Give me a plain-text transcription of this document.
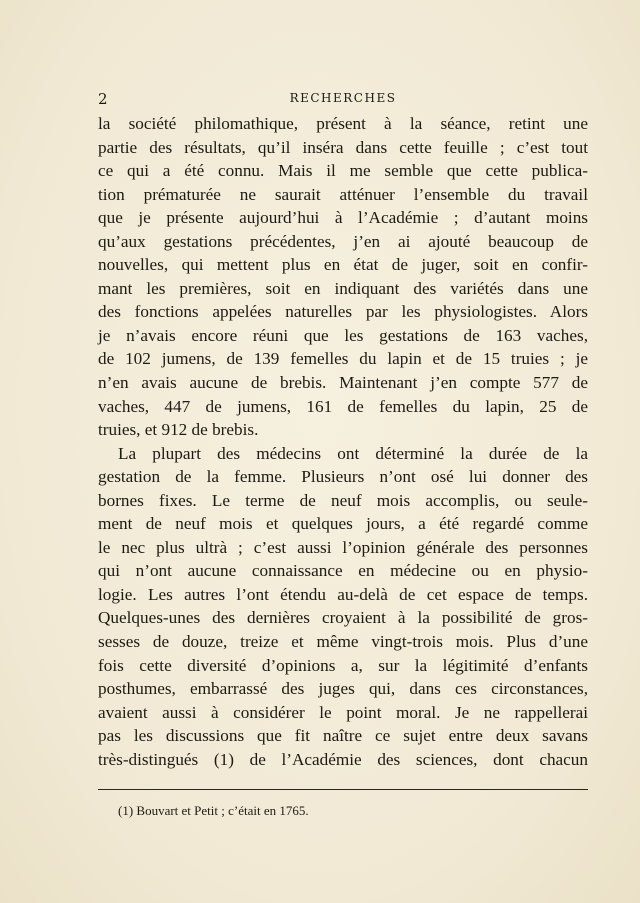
2	RECHERCHES
la société philomathique, présent à la séance, retint une
partie des résultats, qu’il inséra dans cette feuille ; c’est tout
ce qui a été connu. Mais il me semble que cette publica-
tion prématurée ne saurait atténuer l’ensemble du travail
que je présente aujourd’hui à l’Académie ; d’autant moins
qu’aux gestations précédentes, j’en ai ajouté beaucoup de
nouvelles, qui mettent plus en état de juger, soit en confir-
mant les premières, soit en indiquant des variétés dans une
des fonctions appelées naturelles par les physiologistes. Alors
je n’avais encore réuni que les gestations de 163 vaches,
de 102 jumens, de 139 femelles du lapin et de 15 truies ; je
n’en avais aucune de brebis. Maintenant j’en compte 577 de
vaches, 447 de jumens, 161 de femelles du lapin, 25 de
truies, et 912 de brebis.
La plupart des médecins ont déterminé la durée de la
gestation de la femme. Plusieurs n’ont osé lui donner des
bornes fixes. Le terme de neuf mois accomplis, ou seule-
ment de neuf mois et quelques jours, a été regardé comme
le nec plus ultrà ; c’est aussi l’opinion générale des personnes
qui n’ont aucune connaissance en médecine ou en physio-
logie. Les autres l’ont étendu au-delà de cet espace de temps.
Quelques-unes des dernières croyaient à la possibilité de gros-
sesses de douze, treize et même vingt-trois mois. Plus d’une
fois cette diversité d’opinions a, sur la légitimité d’enfants
posthumes, embarrassé des juges qui, dans ces circonstances,
avaient aussi à considérer le point moral. Je ne rappellerai
pas les discussions que fit naître ce sujet entre deux savans
très-distingués (1) de l’Académie des sciences, dont chacun
(1) Bouvart et Petit ; c’était en 1765.
